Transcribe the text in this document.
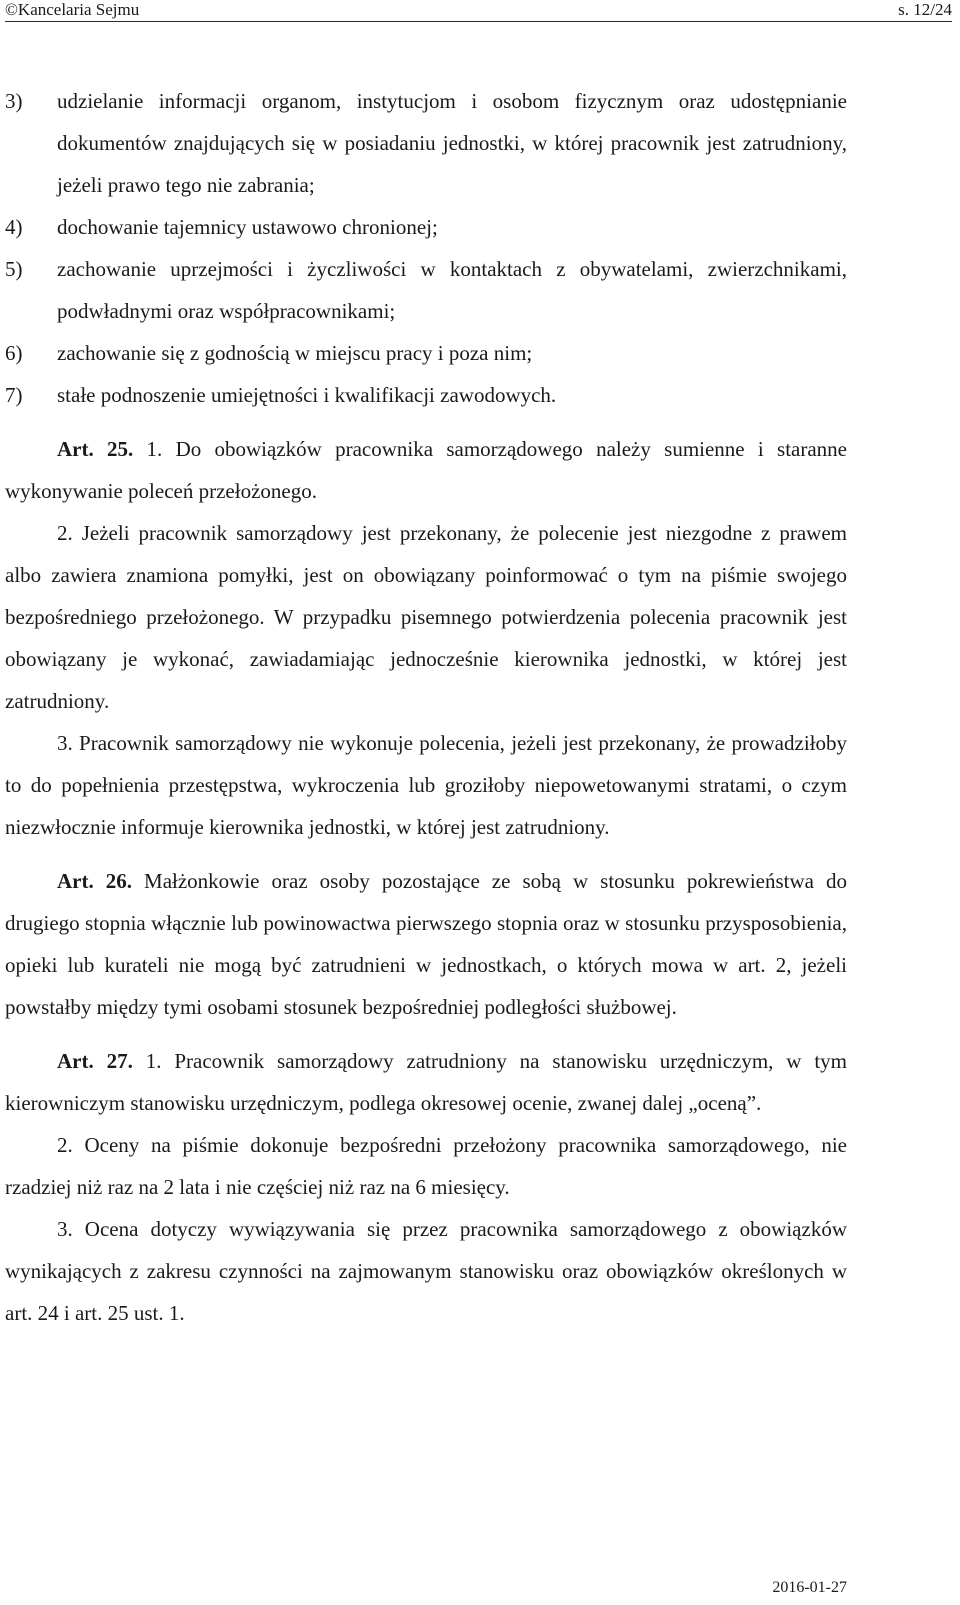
©Kancelaria Sejmu	s. 12/24
3) udzielanie informacji organom, instytucjom i osobom fizycznym oraz udostępnianie dokumentów znajdujących się w posiadaniu jednostki, w której pracownik jest zatrudniony, jeżeli prawo tego nie zabrania;
4) dochowanie tajemnicy ustawowo chronionej;
5) zachowanie uprzejmości i życzliwości w kontaktach z obywatelami, zwierzchnikami, podwładnymi oraz współpracownikami;
6) zachowanie się z godnością w miejscu pracy i poza nim;
7) stałe podnoszenie umiejętności i kwalifikacji zawodowych.

Art. 25. 1. Do obowiązków pracownika samorządowego należy sumienne i staranne wykonywanie poleceń przełożonego.

2. Jeżeli pracownik samorządowy jest przekonany, że polecenie jest niezgodne z prawem albo zawiera znamiona pomyłki, jest on obowiązany poinformować o tym na piśmie swojego bezpośredniego przełożonego. W przypadku pisemnego potwierdzenia polecenia pracownik jest obowiązany je wykonać, zawiadamiając jednocześnie kierownika jednostki, w której jest zatrudniony.

3. Pracownik samorządowy nie wykonuje polecenia, jeżeli jest przekonany, że prowadziłoby to do popełnienia przestępstwa, wykroczenia lub groziłoby niepowetowanymi stratami, o czym niezwłocznie informuje kierownika jednostki, w której jest zatrudniony.

Art. 26. Małżonkowie oraz osoby pozostające ze sobą w stosunku pokrewieństwa do drugiego stopnia włącznie lub powinowactwa pierwszego stopnia oraz w stosunku przysposobienia, opieki lub kurateli nie mogą być zatrudnieni w jednostkach, o których mowa w art. 2, jeżeli powstałby między tymi osobami stosunek bezpośredniej podległości służbowej.

Art. 27. 1. Pracownik samorządowy zatrudniony na stanowisku urzędniczym, w tym kierowniczym stanowisku urzędniczym, podlega okresowej ocenie, zwanej dalej „oceną”.

2. Oceny na piśmie dokonuje bezpośredni przełożony pracownika samorządowego, nie rzadziej niż raz na 2 lata i nie częściej niż raz na 6 miesięcy.

3. Ocena dotyczy wywiązywania się przez pracownika samorządowego z obowiązków wynikających z zakresu czynności na zajmowanym stanowisku oraz obowiązków określonych w art. 24 i art. 25 ust. 1.

2016-01-27
